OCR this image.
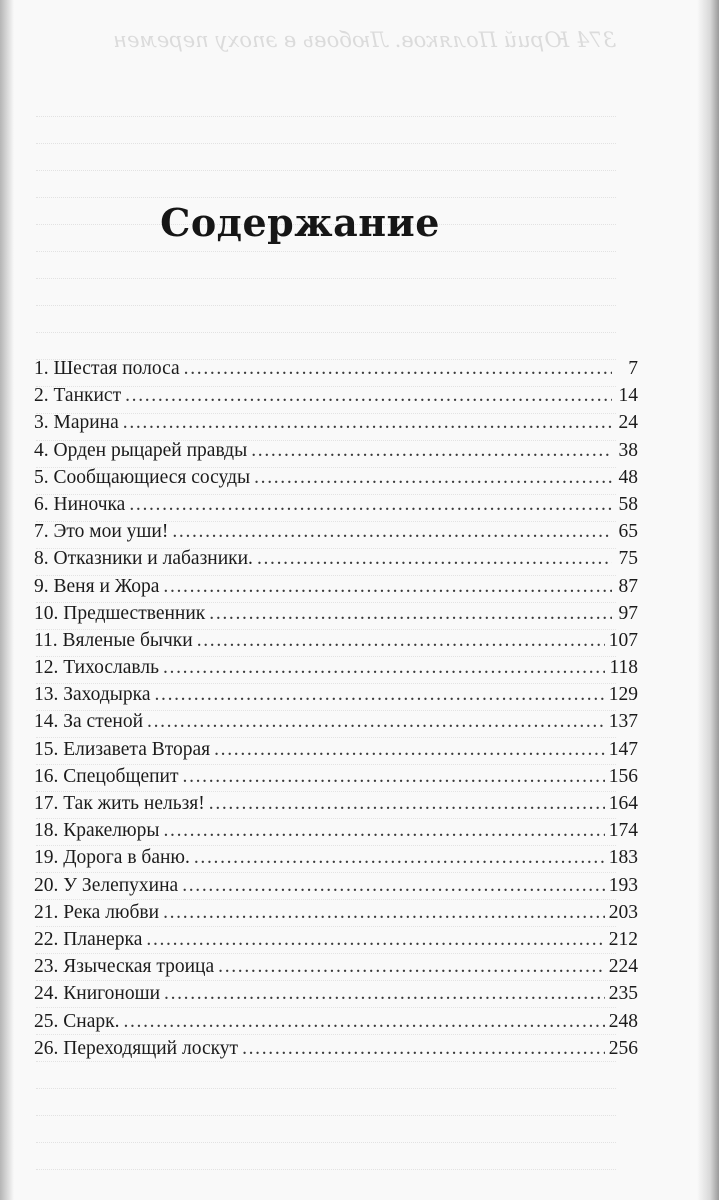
374 Юрий Поляков. Любовь в эпоху перемен
Содержание
1. Шестая полоса . . .	7
2. Танкист . . .	14
3. Марина . . .	24
4. Орден рыцарей правды . . .	38
5. Сообщающиеся сосуды . . .	48
6. Ниночка . . .	58
7. Это мои уши! . . .	65
8. Отказники и лабазники. . . .	75
9. Веня и Жора . . .	87
10. Предшественник . . .	97
11. Вяленые бычки . . .	107
12. Тихославль . . .	118
13. Заходырка . . .	129
14. За стеной . . .	137
15. Елизавета Вторая . . .	147
16. Спецобщепит . . .	156
17. Так жить нельзя! . . .	164
18. Кракелюры . . .	174
19. Дорога в баню. . . .	183
20. У Зелепухина . . .	193
21. Река любви . . .	203
22. Планерка . . .	212
23. Языческая троица . . .	224
24. Книгоноши . . .	235
25. Снарк. . . .	248
26. Переходящий лоскут . . .	256
